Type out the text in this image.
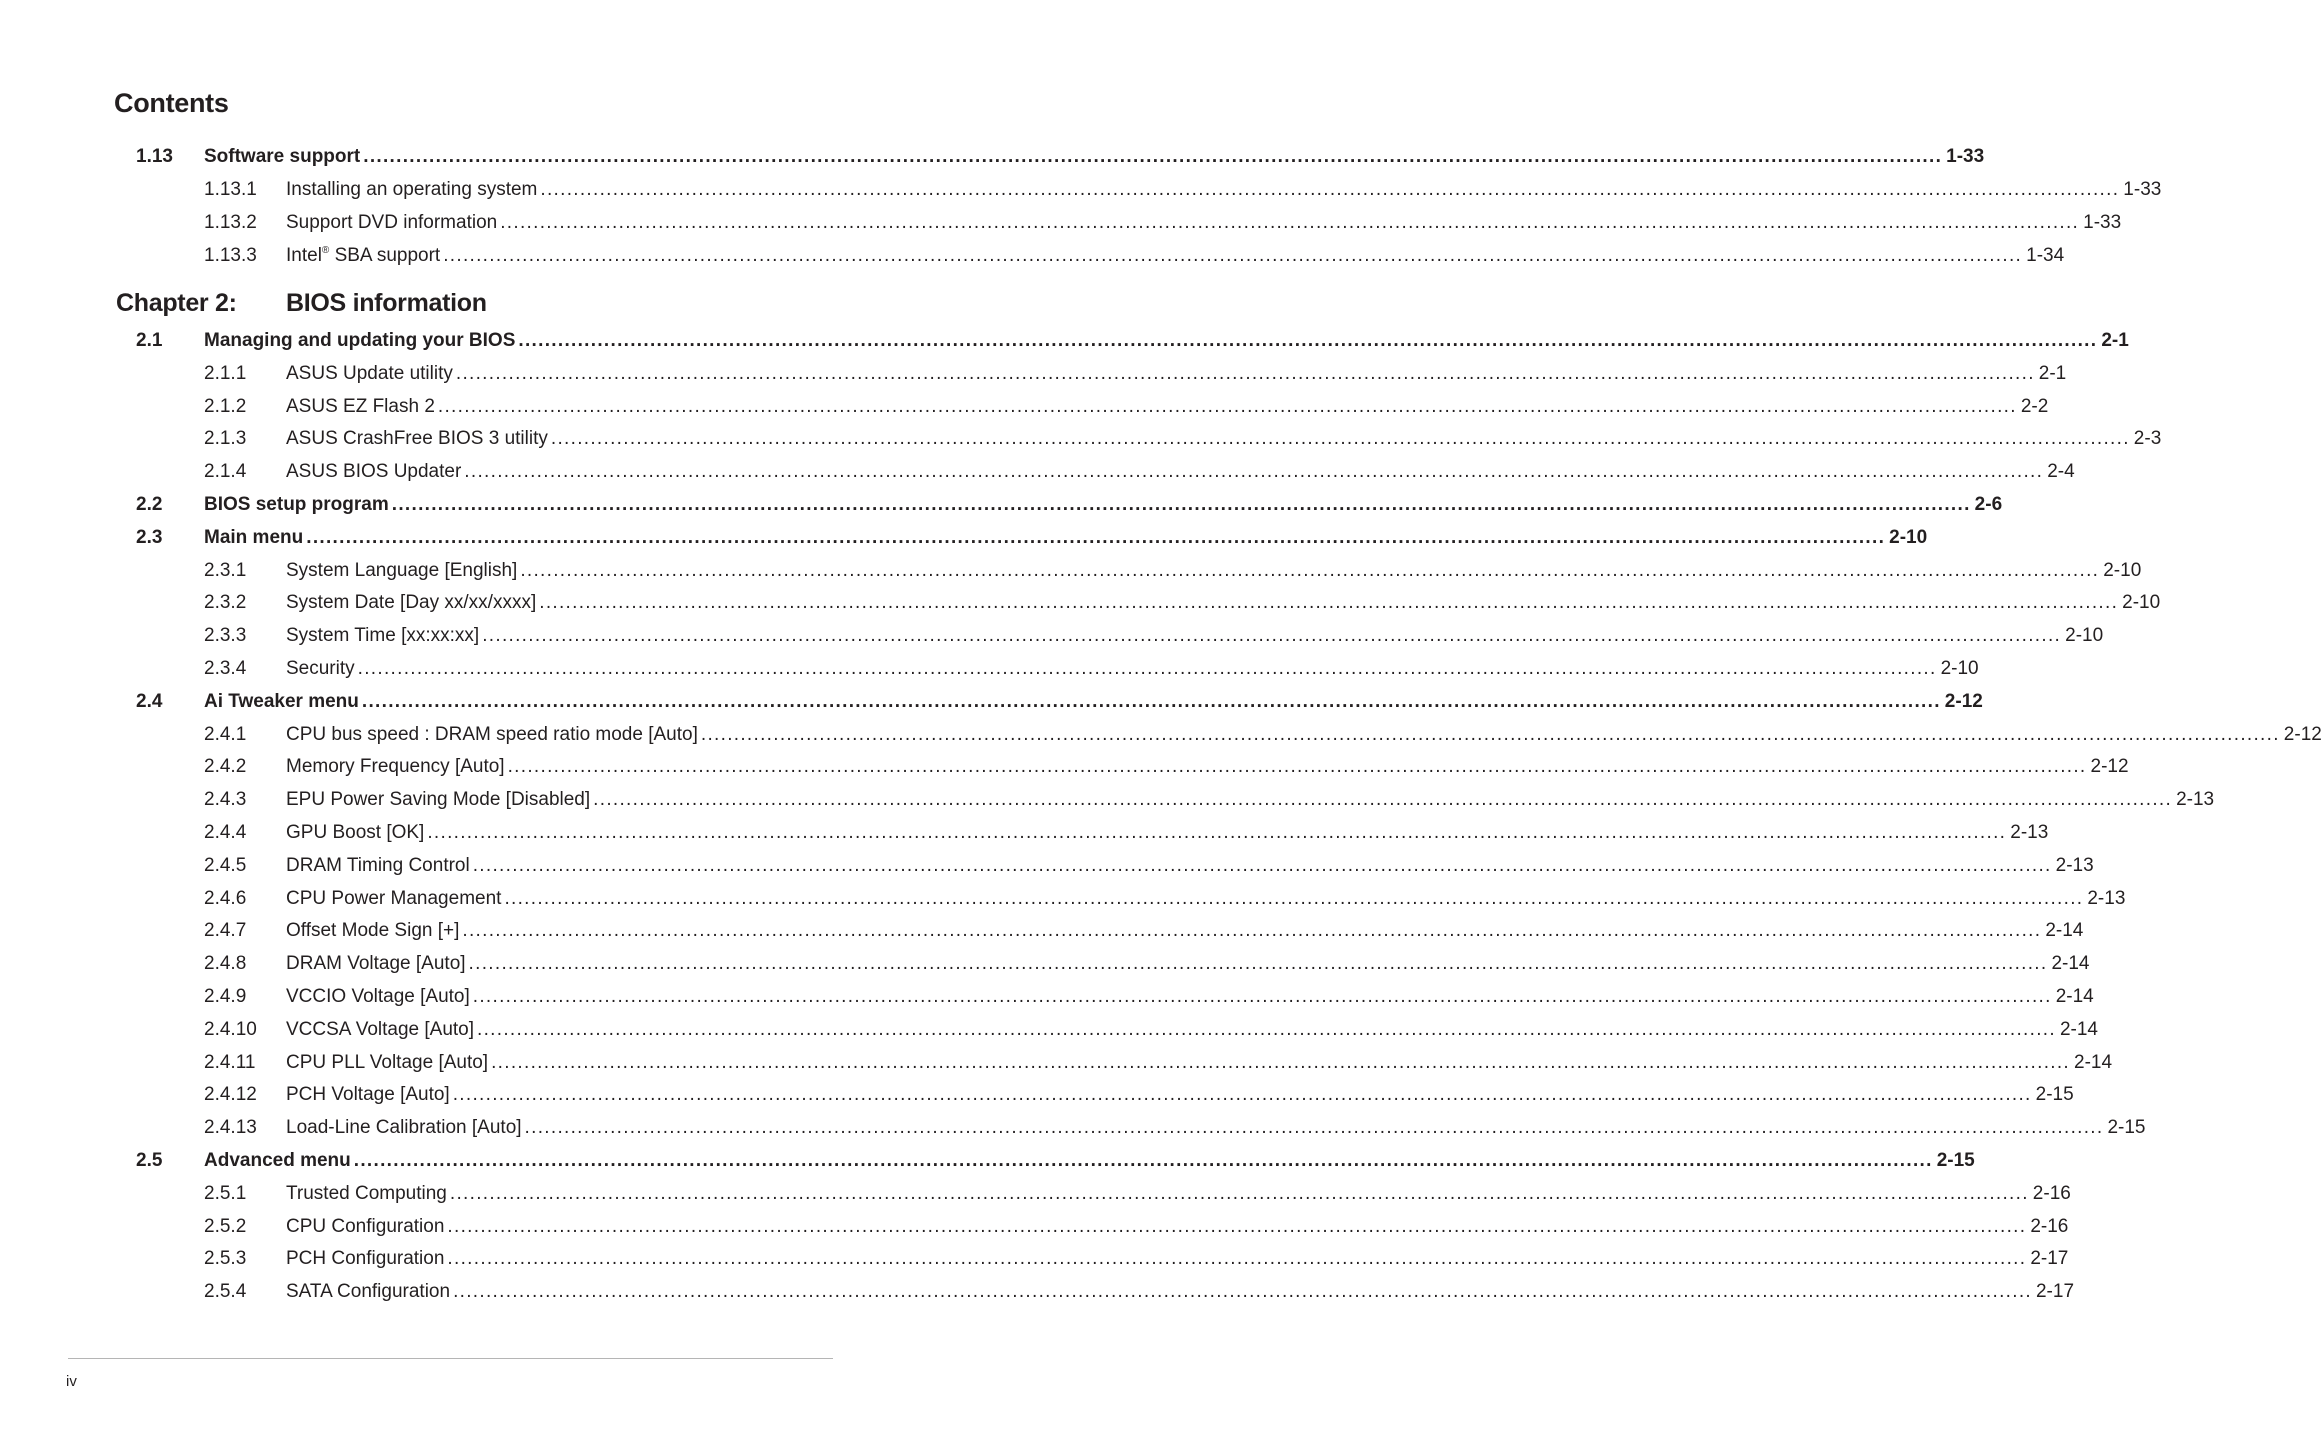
Contents
Chapter 2: BIOS information
1.13 Software support ................................................................................................................................................................................................................................................ 1-33
1.13.1 Installing an operating system ................................................................................................................................................................................................................................................ 1-33
1.13.2 Support DVD information ................................................................................................................................................................................................................................................ 1-33
1.13.3 Intel® SBA support ................................................................................................................................................................................................................................................ 1-34
2.1 Managing and updating your BIOS ................................................................................................................................................................................................................................................ 2-1
2.1.1 ASUS Update utility ................................................................................................................................................................................................................................................ 2-1
2.1.2 ASUS EZ Flash 2 ................................................................................................................................................................................................................................................ 2-2
2.1.3 ASUS CrashFree BIOS 3 utility ................................................................................................................................................................................................................................................ 2-3
2.1.4 ASUS BIOS Updater ................................................................................................................................................................................................................................................ 2-4
2.2 BIOS setup program ................................................................................................................................................................................................................................................ 2-6
2.3 Main menu ................................................................................................................................................................................................................................................ 2-10
2.3.1 System Language [English] ................................................................................................................................................................................................................................................ 2-10
2.3.2 System Date [Day xx/xx/xxxx] ................................................................................................................................................................................................................................................ 2-10
2.3.3 System Time [xx:xx:xx] ................................................................................................................................................................................................................................................ 2-10
2.3.4 Security ................................................................................................................................................................................................................................................ 2-10
2.4 Ai Tweaker menu ................................................................................................................................................................................................................................................ 2-12
2.4.1 CPU bus speed : DRAM speed ratio mode [Auto] ................................................................................................................................................................................................................................................ 2-12
2.4.2 Memory Frequency [Auto] ................................................................................................................................................................................................................................................ 2-12
2.4.3 EPU Power Saving Mode [Disabled] ................................................................................................................................................................................................................................................ 2-13
2.4.4 GPU Boost [OK] ................................................................................................................................................................................................................................................ 2-13
2.4.5 DRAM Timing Control ................................................................................................................................................................................................................................................ 2-13
2.4.6 CPU Power Management ................................................................................................................................................................................................................................................ 2-13
2.4.7 Offset Mode Sign [+] ................................................................................................................................................................................................................................................ 2-14
2.4.8 DRAM Voltage [Auto] ................................................................................................................................................................................................................................................ 2-14
2.4.9 VCCIO Voltage [Auto] ................................................................................................................................................................................................................................................ 2-14
2.4.10 VCCSA Voltage [Auto] ................................................................................................................................................................................................................................................ 2-14
2.4.11 CPU PLL Voltage [Auto] ................................................................................................................................................................................................................................................ 2-14
2.4.12 PCH Voltage [Auto] ................................................................................................................................................................................................................................................ 2-15
2.4.13 Load-Line Calibration [Auto] ................................................................................................................................................................................................................................................ 2-15
2.5 Advanced menu ................................................................................................................................................................................................................................................ 2-15
2.5.1 Trusted Computing ................................................................................................................................................................................................................................................ 2-16
2.5.2 CPU Configuration ................................................................................................................................................................................................................................................ 2-16
2.5.3 PCH Configuration ................................................................................................................................................................................................................................................ 2-17
2.5.4 SATA Configuration ................................................................................................................................................................................................................................................ 2-17
iv
